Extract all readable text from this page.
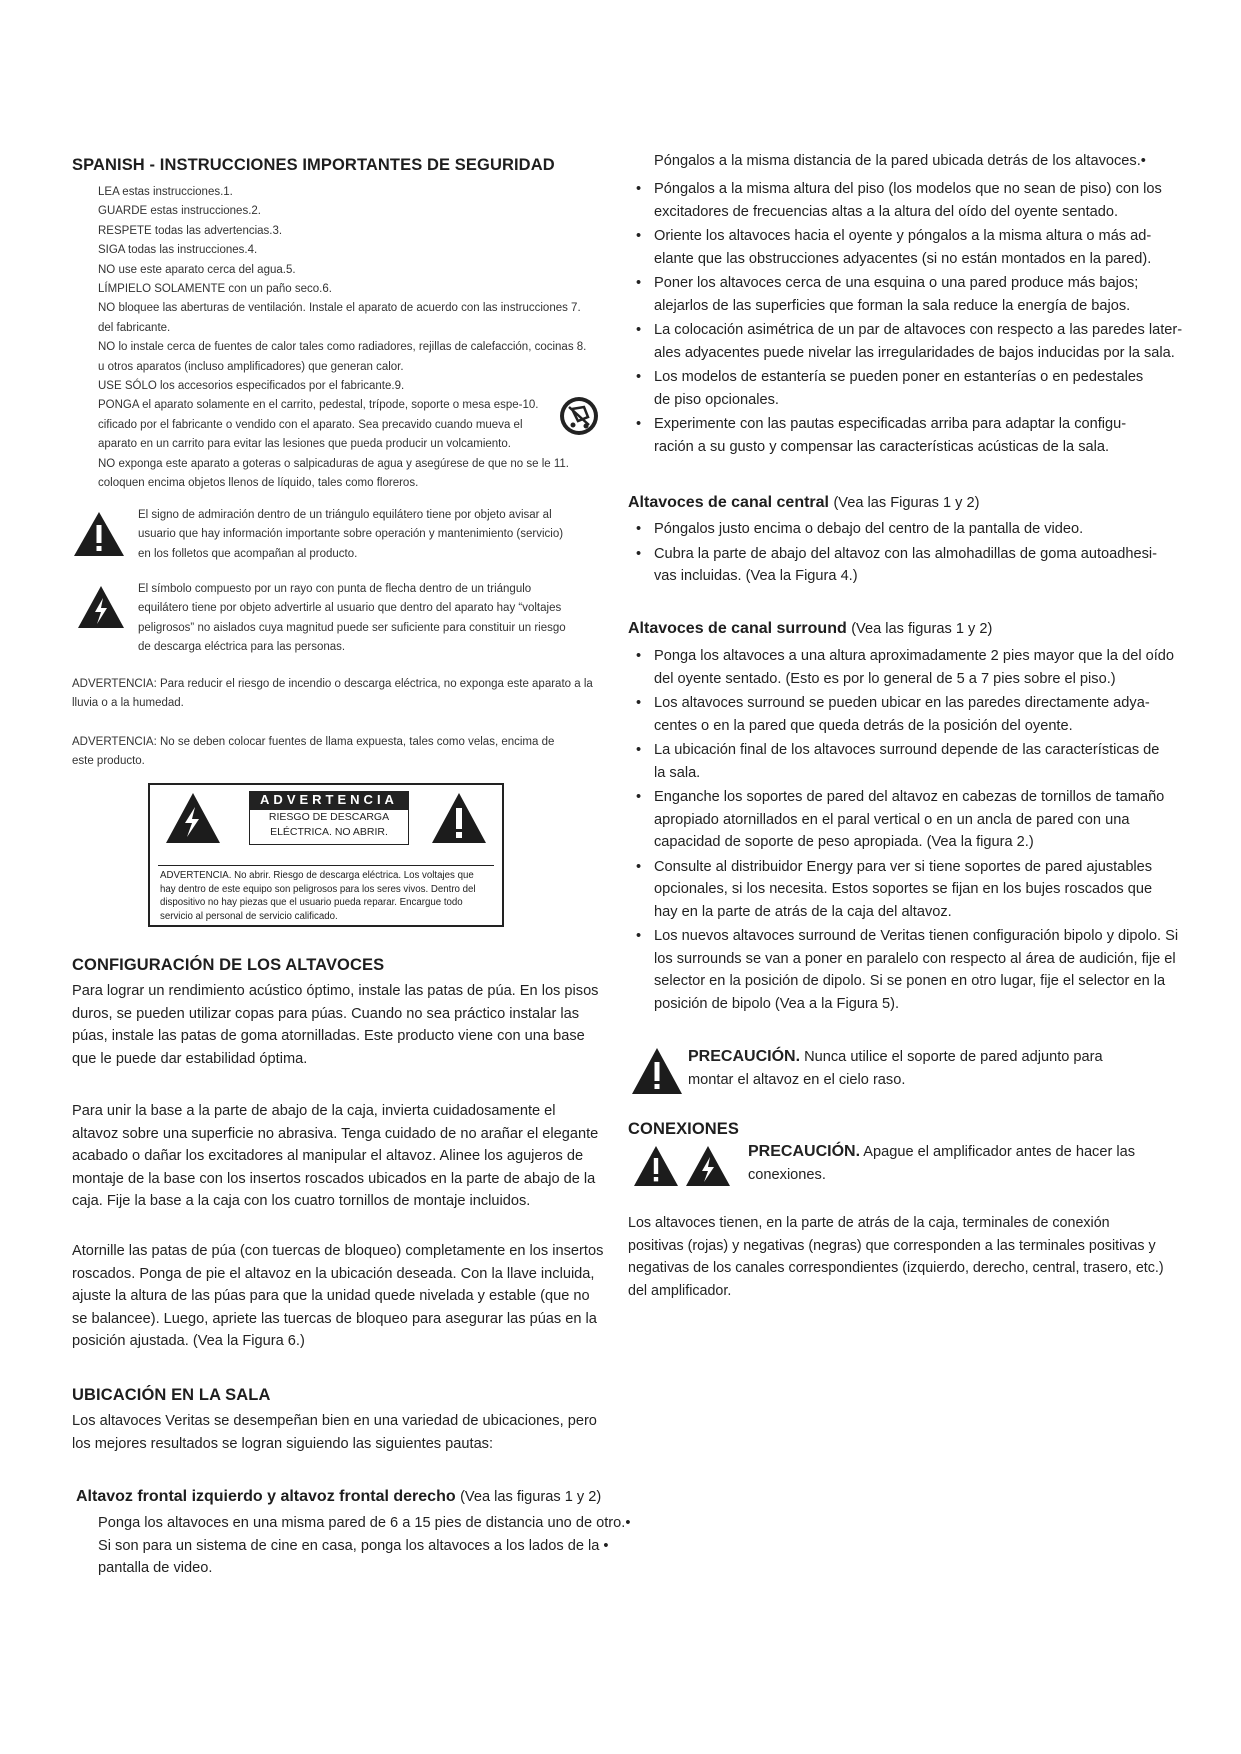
SPANISH - INSTRUCCIONES IMPORTANTES DE SEGURIDAD
LEA estas instrucciones.1.
GUARDE estas instrucciones.2.
RESPETE todas las advertencias.3.
SIGA todas las instrucciones.4.
NO use este aparato cerca del agua.5.
LÍMPIELO SOLAMENTE con un paño seco.6.
NO bloquee las aberturas de ventilación. Instale el aparato de acuerdo con las instrucciones 7.
del fabricante.
NO lo instale cerca de fuentes de calor tales como radiadores, rejillas de calefacción, cocinas 8.
u otros aparatos (incluso amplificadores) que generan calor.
USE SÓLO los accesorios especificados por el fabricante.9.
PONGA el aparato solamente en el carrito, pedestal, trípode, soporte o mesa espe-10.
cificado por el fabricante o vendido con el aparato. Sea precavido cuando mueva el
aparato en un carrito para evitar las lesiones que pueda producir un volcamiento.
NO exponga este aparato a goteras o salpicaduras de agua y asegúrese de que no se le 11.
coloquen encima objetos llenos de líquido, tales como floreros.
El signo de admiración dentro de un triángulo equilátero tiene por objeto avisar al
usuario que hay información importante sobre operación y mantenimiento (servicio)
en los folletos que acompañan al producto.
El símbolo compuesto por un rayo con punta de flecha dentro de un triángulo
equilátero tiene por objeto advertirle al usuario que dentro del aparato hay “voltajes
peligrosos” no aislados cuya magnitud puede ser suficiente para constituir un riesgo
de descarga eléctrica para las personas.
ADVERTENCIA: Para reducir el riesgo de incendio o descarga eléctrica, no exponga este aparato a la
lluvia o a la humedad.
ADVERTENCIA: No se deben colocar fuentes de llama expuesta, tales como velas, encima de
este producto.
ADVERTENCIA
RIESGO DE DESCARGA
ELÉCTRICA. NO ABRIR.
ADVERTENCIA. No abrir. Riesgo de descarga eléctrica. Los voltajes que
hay dentro de este equipo son peligrosos para los seres vivos. Dentro del
dispositivo no hay piezas que el usuario pueda reparar. Encargue todo
servicio al personal de servicio calificado.
CONFIGURACIÓN DE LOS ALTAVOCES
Para lograr un rendimiento acústico óptimo, instale las patas de púa. En los pisos
duros, se pueden utilizar copas para púas. Cuando no sea práctico instalar las
púas, instale las patas de goma atornilladas. Este producto viene con una base
que le puede dar estabilidad óptima.
Para unir la base a la parte de abajo de la caja, invierta cuidadosamente el
altavoz sobre una superficie no abrasiva. Tenga cuidado de no arañar el elegante
acabado o dañar los excitadores al manipular el altavoz. Alinee los agujeros de
montaje de la base con los insertos roscados ubicados en la parte de abajo de la
caja. Fije la base a la caja con los cuatro tornillos de montaje incluidos.
Atornille las patas de púa (con tuercas de bloqueo) completamente en los insertos
roscados. Ponga de pie el altavoz en la ubicación deseada. Con la llave incluida,
ajuste la altura de las púas para que la unidad quede nivelada y estable (que no
se balancee). Luego, apriete las tuercas de bloqueo para asegurar las púas en la
posición ajustada. (Vea la Figura 6.)
UBICACIÓN EN LA SALA
Los altavoces Veritas se desempeñan bien en una variedad de ubicaciones, pero
los mejores resultados se logran siguiendo las siguientes pautas:
Altavoz frontal izquierdo y altavoz frontal derecho (Vea las figuras 1 y 2)
Ponga los altavoces en una misma pared de 6 a 15 pies de distancia uno de otro.•
Si son para un sistema de cine en casa, ponga los altavoces a los lados de la •
pantalla de video.
Póngalos a la misma distancia de la pared ubicada detrás de los altavoces.•
• Póngalos a la misma altura del piso (los modelos que no sean de piso) con los
excitadores de frecuencias altas a la altura del oído del oyente sentado.
• Oriente los altavoces hacia el oyente y póngalos a la misma altura o más ad-
elante que las obstrucciones adyacentes (si no están montados en la pared).
• Poner los altavoces cerca de una esquina o una pared produce más bajos;
alejarlos de las superficies que forman la sala reduce la energía de bajos.
• La colocación asimétrica de un par de altavoces con respecto a las paredes later-
ales adyacentes puede nivelar las irregularidades de bajos inducidas por la sala.
• Los modelos de estantería se pueden poner en estanterías o en pedestales
de piso opcionales.
• Experimente con las pautas especificadas arriba para adaptar la configu-
ración a su gusto y compensar las características acústicas de la sala.
Altavoces de canal central (Vea las Figuras 1 y 2)
• Póngalos justo encima o debajo del centro de la pantalla de video.
• Cubra la parte de abajo del altavoz con las almohadillas de goma autoadhesi-
vas incluidas. (Vea la Figura 4.)
Altavoces de canal surround (Vea las figuras 1 y 2)
• Ponga los altavoces a una altura aproximadamente 2 pies mayor que la del oído
del oyente sentado. (Esto es por lo general de 5 a 7 pies sobre el piso.)
• Los altavoces surround se pueden ubicar en las paredes directamente adya-
centes o en la pared que queda detrás de la posición del oyente.
• La ubicación final de los altavoces surround depende de las características de
la sala.
• Enganche los soportes de pared del altavoz en cabezas de tornillos de tamaño
apropiado atornillados en el paral vertical o en un ancla de pared con una
capacidad de soporte de peso apropiada. (Vea la figura 2.)
• Consulte al distribuidor Energy para ver si tiene soportes de pared ajustables
opcionales, si los necesita. Estos soportes se fijan en los bujes roscados que
hay en la parte de atrás de la caja del altavoz.
• Los nuevos altavoces surround de Veritas tienen configuración bipolo y dipolo. Si
los surrounds se van a poner en paralelo con respecto al área de audición, fije el
selector en la posición de dipolo. Si se ponen en otro lugar, fije el selector en la
posición de bipolo (Vea a la Figura 5).
PRECAUCIÓN. Nunca utilice el soporte de pared adjunto para
montar el altavoz en el cielo raso.
CONEXIONES
PRECAUCIÓN. Apague el amplificador antes de hacer las
conexiones.
Los altavoces tienen, en la parte de atrás de la caja, terminales de conexión
positivas (rojas) y negativas (negras) que corresponden a las terminales positivas y
negativas de los canales correspondientes (izquierdo, derecho, central, trasero, etc.)
del amplificador.
